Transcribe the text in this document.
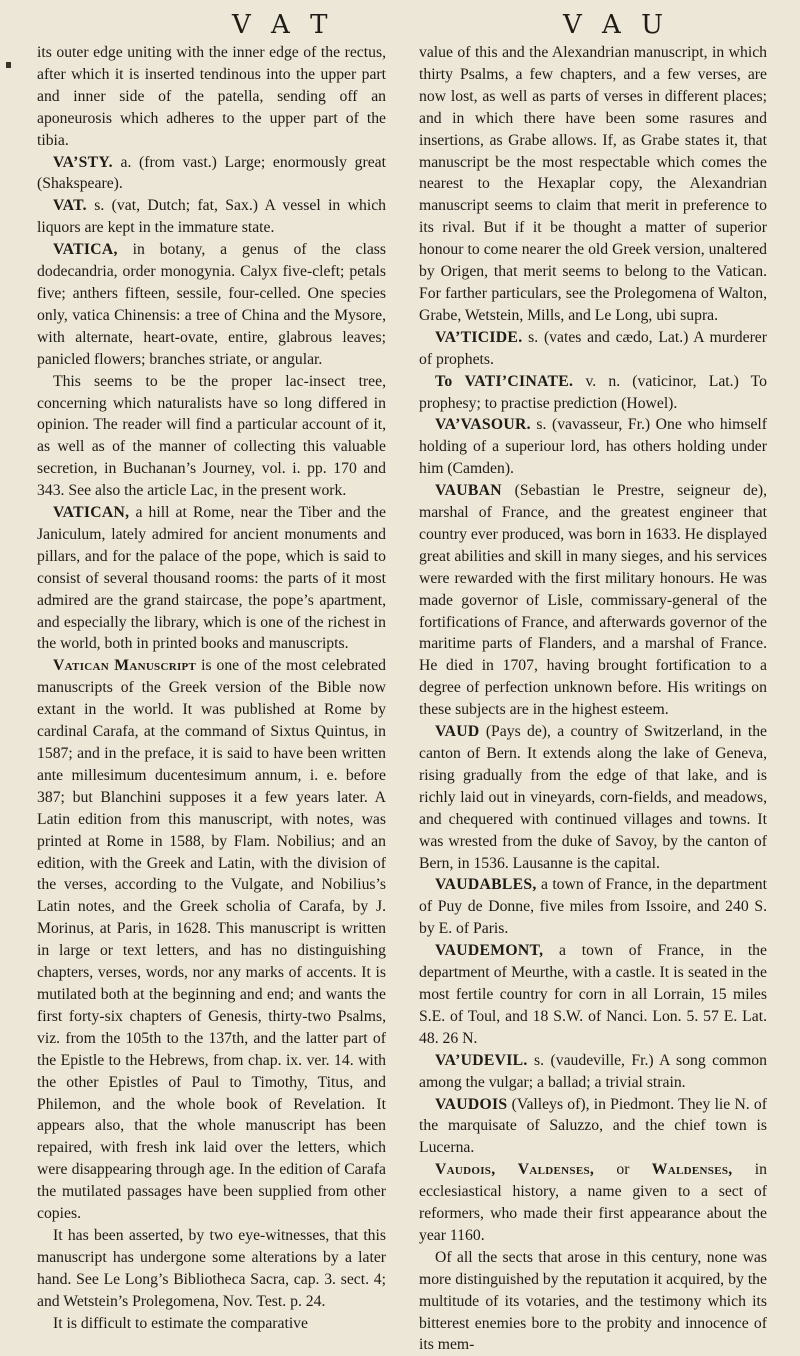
V A T	V A U

its outer edge uniting with the inner edge of the rectus, after which it is inserted tendinous into the upper part and inner side of the patella, sending off an aponeurosis which adheres to the upper part of the tibia.

VA’STY. a. (from vast.) Large; enormously great (Shakspeare).

VAT. s. (vat, Dutch; fat, Sax.) A vessel in which liquors are kept in the immature state.

VATICA, in botany, a genus of the class dodecandria, order monogynia. Calyx five-cleft; petals five; anthers fifteen, sessile, four-celled. One species only, vatica Chinensis: a tree of China and the Mysore, with alternate, heart-ovate, entire, glabrous leaves; panicled flowers; branches striate, or angular.

This seems to be the proper lac-insect tree, concerning which naturalists have so long differed in opinion. The reader will find a particular account of it, as well as of the manner of collecting this valuable secretion, in Buchanan’s Journey, vol. i. pp. 170 and 343. See also the article Lac, in the present work.

VATICAN, a hill at Rome, near the Tiber and the Janiculum, lately admired for ancient monuments and pillars, and for the palace of the pope, which is said to consist of several thousand rooms: the parts of it most admired are the grand staircase, the pope’s apartment, and especially the library, which is one of the richest in the world, both in printed books and manuscripts.

Vatican Manuscript is one of the most celebrated manuscripts of the Greek version of the Bible now extant in the world. It was published at Rome by cardinal Carafa, at the command of Sixtus Quintus, in 1587; and in the preface, it is said to have been written ante millesimum ducentesimum annum, i. e. before 387; but Blanchini supposes it a few years later. A Latin edition from this manuscript, with notes, was printed at Rome in 1588, by Flam. Nobilius; and an edition, with the Greek and Latin, with the division of the verses, according to the Vulgate, and Nobilius’s Latin notes, and the Greek scholia of Carafa, by J. Morinus, at Paris, in 1628. This manuscript is written in large or text letters, and has no distinguishing chapters, verses, words, nor any marks of accents. It is mutilated both at the beginning and end; and wants the first forty-six chapters of Genesis, thirty-two Psalms, viz. from the 105th to the 137th, and the latter part of the Epistle to the Hebrews, from chap. ix. ver. 14. with the other Epistles of Paul to Timothy, Titus, and Philemon, and the whole book of Revelation. It appears also, that the whole manuscript has been repaired, with fresh ink laid over the letters, which were disappearing through age. In the edition of Carafa the mutilated passages have been supplied from other copies.

It has been asserted, by two eye-witnesses, that this manuscript has undergone some alterations by a later hand. See Le Long’s Bibliotheca Sacra, cap. 3. sect. 4; and Wetstein’s Prolegomena, Nov. Test. p. 24.

It is difficult to estimate the comparative

value of this and the Alexandrian manuscript, in which thirty Psalms, a few chapters, and a few verses, are now lost, as well as parts of verses in different places; and in which there have been some rasures and insertions, as Grabe allows. If, as Grabe states it, that manuscript be the most respectable which comes the nearest to the Hexaplar copy, the Alexandrian manuscript seems to claim that merit in preference to its rival. But if it be thought a matter of superior honour to come nearer the old Greek version, unaltered by Origen, that merit seems to belong to the Vatican. For farther particulars, see the Prolegomena of Walton, Grabe, Wetstein, Mills, and Le Long, ubi supra.

VA’TICIDE. s. (vates and cædo, Lat.) A murderer of prophets.

To VATI’CINATE. v. n. (vaticinor, Lat.) To prophesy; to practise prediction (Howel).

VA’VASOUR. s. (vavasseur, Fr.) One who himself holding of a superiour lord, has others holding under him (Camden).

VAUBAN (Sebastian le Prestre, seigneur de), marshal of France, and the greatest engineer that country ever produced, was born in 1633. He displayed great abilities and skill in many sieges, and his services were rewarded with the first military honours. He was made governor of Lisle, commissary-general of the fortifications of France, and afterwards governor of the maritime parts of Flanders, and a marshal of France. He died in 1707, having brought fortification to a degree of perfection unknown before. His writings on these subjects are in the highest esteem.

VAUD (Pays de), a country of Switzerland, in the canton of Bern. It extends along the lake of Geneva, rising gradually from the edge of that lake, and is richly laid out in vineyards, corn-fields, and meadows, and chequered with continued villages and towns. It was wrested from the duke of Savoy, by the canton of Bern, in 1536. Lausanne is the capital.

VAUDABLES, a town of France, in the department of Puy de Donne, five miles from Issoire, and 240 S. by E. of Paris.

VAUDEMONT, a town of France, in the department of Meurthe, with a castle. It is seated in the most fertile country for corn in all Lorrain, 15 miles S.E. of Toul, and 18 S.W. of Nanci. Lon. 5. 57 E. Lat. 48. 26 N.

VA’UDEVIL. s. (vaudeville, Fr.) A song common among the vulgar; a ballad; a trivial strain.

VAUDOIS (Valleys of), in Piedmont. They lie N. of the marquisate of Saluzzo, and the chief town is Lucerna.

Vaudois, Valdenses, or Waldenses, in ecclesiastical history, a name given to a sect of reformers, who made their first appearance about the year 1160.

Of all the sects that arose in this century, none was more distinguished by the reputation it acquired, by the multitude of its votaries, and the testimony which its bitterest enemies bore to the probity and innocence of its mem-
